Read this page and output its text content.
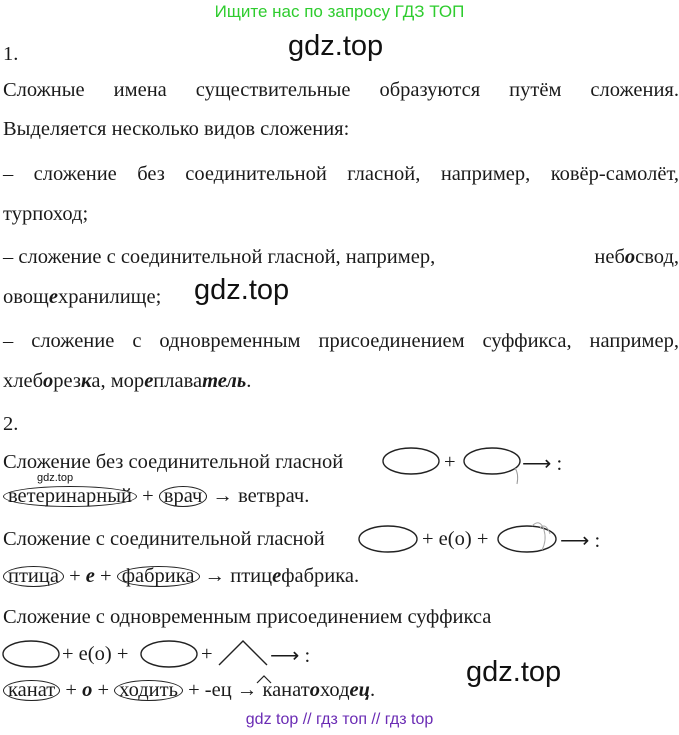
Ищите нас по запросу ГДЗ ТОП
1.	gdz.top
Сложные имена существительные образуются путём сложения.
Выделяется несколько видов сложения:
– сложение без соединительной гласной, например, ковёр-самолёт,
турпоход;
– сложение с соединительной гласной, например,	небосвод,
овощехранилище; gdz.top
– сложение с одновременным присоединением суффикса, например,
хлеборезка, мореплаватель.
2.
Сложение без соединительной гласной	+	⟶ :
gdz.top
ветеринарный + врач → ветврач.
Сложение с соединительной гласной	+ е(о) +	⟶ :
птица + е + фабрика → птицефабрика.
Сложение с одновременным присоединением суффикса
+ е(о) +	+	⟶ :	gdz.top
канат + о + ходить + -ец → канатоходец.
gdz top // гдз топ // гдз top
